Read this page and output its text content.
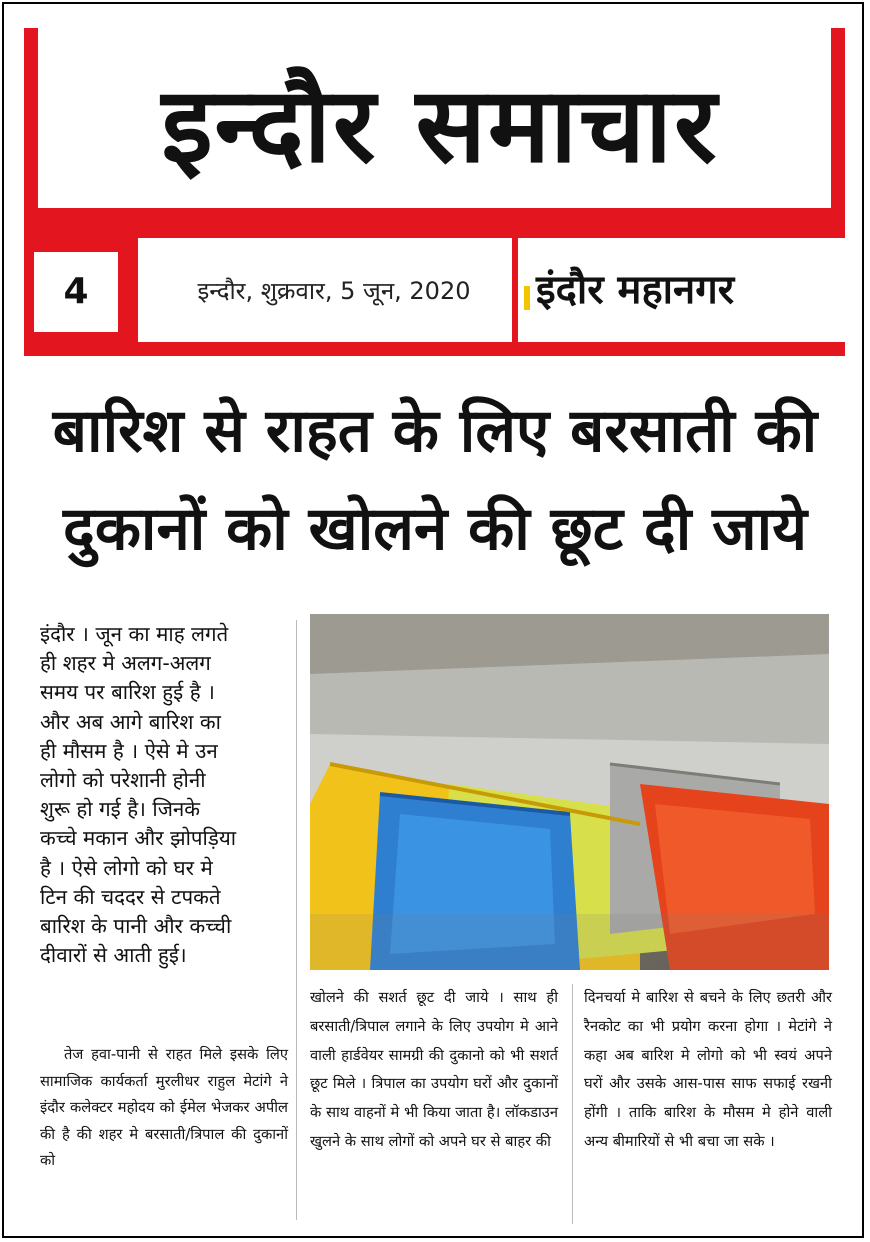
इन्दौर समाचार
4	इन्दौर, शुक्रवार, 5 जून, 2020	इंदौर महानगर
बारिश से राहत के लिए बरसाती की
दुकानों को खोलने की छूट दी जाये

इंदौर । जून का माह लगते

ही शहर मे अलग-अलग

समय पर बारिश हुई है ।

और अब आगे बारिश का

ही मौसम है । ऐसे मे उन

लोगो को परेशानी होनी

शुरू हो गई है। जिनके

कच्चे मकान और झोपड़िया

है । ऐसे लोगो को घर मे

टिन की चददर से टपकते

बारिश के पानी और कच्ची

दीवारों से आती हुई।

तेज हवा-पानी से राहत मिले इसके लिए सामाजिक कार्यकर्ता मुरलीधर राहुल मेटांगे ने इंदौर कलेक्टर महोदय को ईमेल भेजकर अपील की है की शहर मे बरसाती/त्रिपाल की दुकानों को

खोलने की सशर्त छूट दी जाये । साथ ही बरसाती/त्रिपाल लगाने के लिए उपयोग मे आने वाली हार्डवेयर सामग्री की दुकानो को भी सशर्त छूट मिले । त्रिपाल का उपयोग घरों और दुकानों के साथ वाहनों मे भी किया जाता है। लॉकडाउन खुलने के साथ लोगों को अपने घर से बाहर की

दिनचर्या मे बारिश से बचने के लिए छतरी और रैनकोट का भी प्रयोग करना होगा । मेटांगे ने कहा अब बारिश मे लोगो को भी स्वयं अपने घरों और उसके आस-पास साफ सफाई रखनी होंगी । ताकि बारिश के मौसम मे होने वाली अन्य बीमारियों से भी बचा जा सके ।
